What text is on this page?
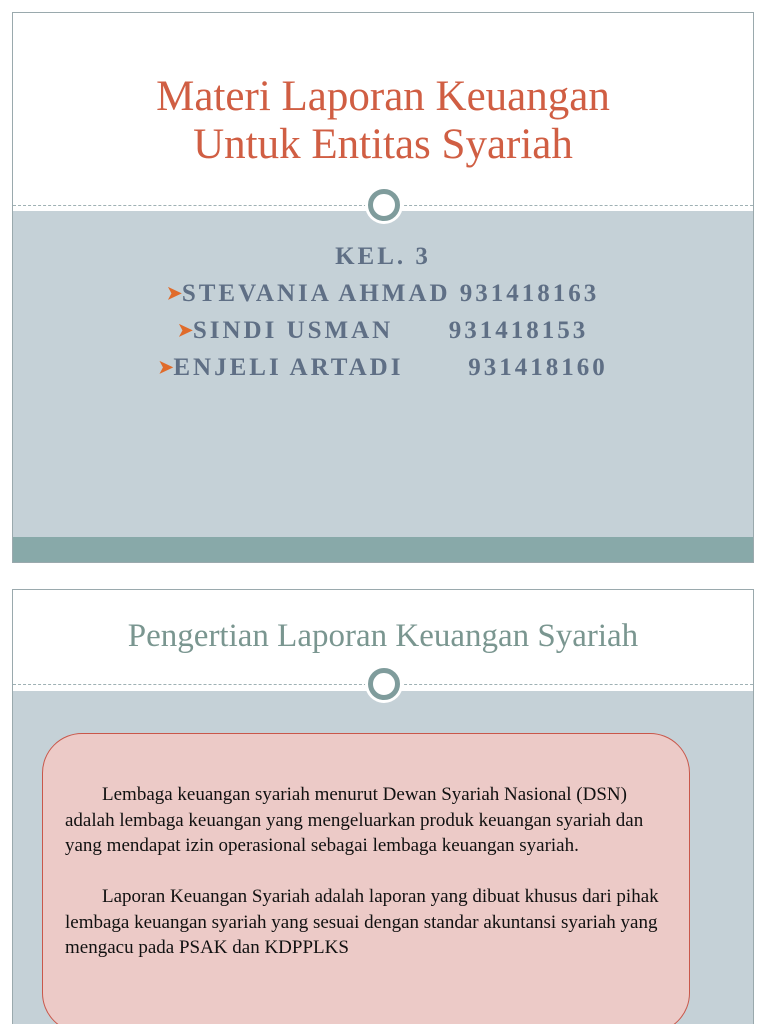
Materi Laporan Keuangan
Untuk Entitas Syariah
KEL. 3
➤STEVANIA AHMAD 931418163
➤SINDI USMAN 931418153
➤ENJELI ARTADI	931418160
Pengertian Laporan Keuangan Syariah

Lembaga keuangan syariah menurut Dewan Syariah Nasional (DSN) adalah lembaga keuangan yang mengeluarkan produk keuangan syariah dan yang mendapat izin operasional sebagai lembaga keuangan syariah.

Laporan Keuangan Syariah adalah laporan yang dibuat khusus dari pihak lembaga keuangan syariah yang sesuai dengan standar akuntansi syariah yang mengacu pada PSAK dan KDPPLKS
